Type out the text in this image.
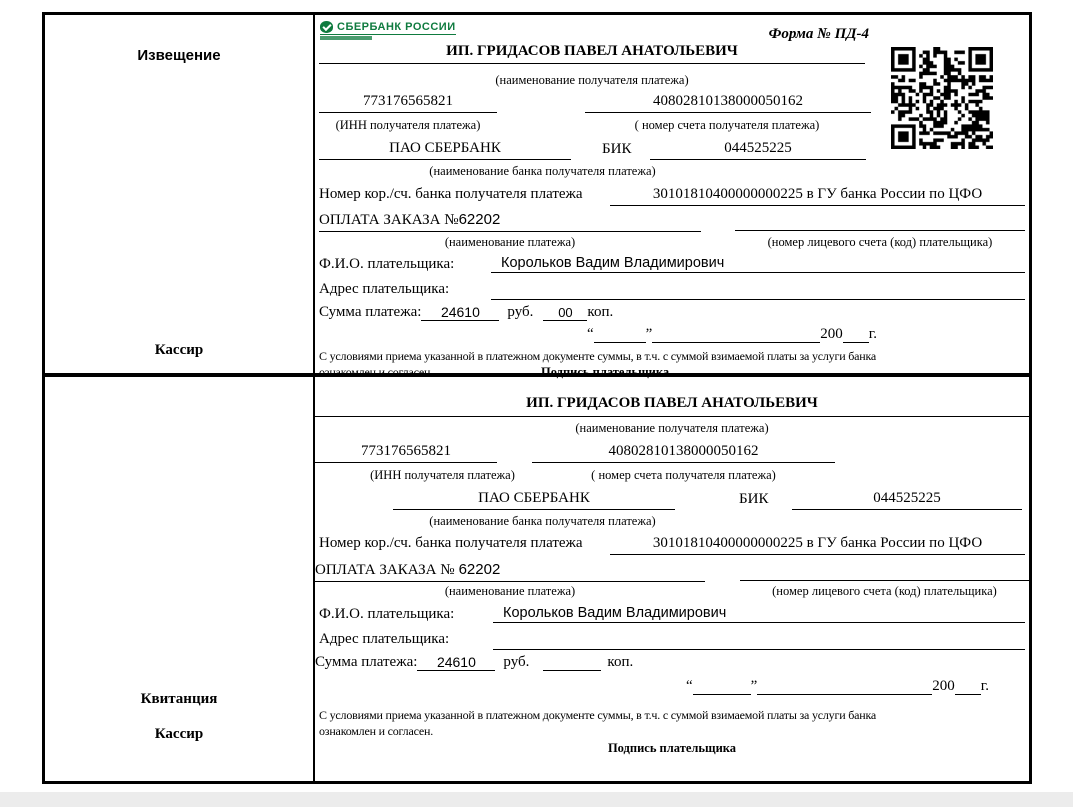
Извещение
Кассир
СБЕРБАНК РОССИИ	Форма № ПД-4
ИП. ГРИДАСОВ ПАВЕЛ АНАТОЛЬЕВИЧ
(наименование получателя платежа)
773176565821	40802810138000050162
(ИНН получателя платежа)	( номер счета получателя платежа)
ПАО СБЕРБАНК	БИК	044525225
(наименование банка получателя платежа)
Номер кор./сч. банка получателя платежа	30101810400000000225 в ГУ банка России по ЦФО
ОПЛАТА ЗАКАЗА №62202
(наименование платежа)	(номер лицевого счета (код) плательщика)
Ф.И.О. плательщика:	Корольков Вадим Владимирович
Адрес плательщика:
Сумма платежа:	24610	руб.	00 коп.
“	”	200 г.
С условиями приема указанной в платежном документе суммы, в т.ч. с суммой взимаемой платы за услуги банка
ознакомлен и согласен.	Подпись плательщика
Квитанция
Кассир
ИП. ГРИДАСОВ ПАВЕЛ АНАТОЛЬЕВИЧ
(наименование получателя платежа)
773176565821	40802810138000050162
(ИНН получателя платежа)	( номер счета получателя платежа)
ПАО СБЕРБАНК	БИК	044525225
(наименование банка получателя платежа)
Номер кор./сч. банка получателя платежа	30101810400000000225 в ГУ банка России по ЦФО
ОПЛАТА ЗАКАЗА № 62202
(наименование платежа)	(номер лицевого счета (код) плательщика)
Ф.И.О. плательщика:	Корольков Вадим Владимирович
Адрес плательщика:
Сумма платежа:	24610	руб.	коп.
“	”	200 г.
С условиями приема указанной в платежном документе суммы, в т.ч. с суммой взимаемой платы за услуги банка
ознакомлен и согласен.
Подпись плательщика
